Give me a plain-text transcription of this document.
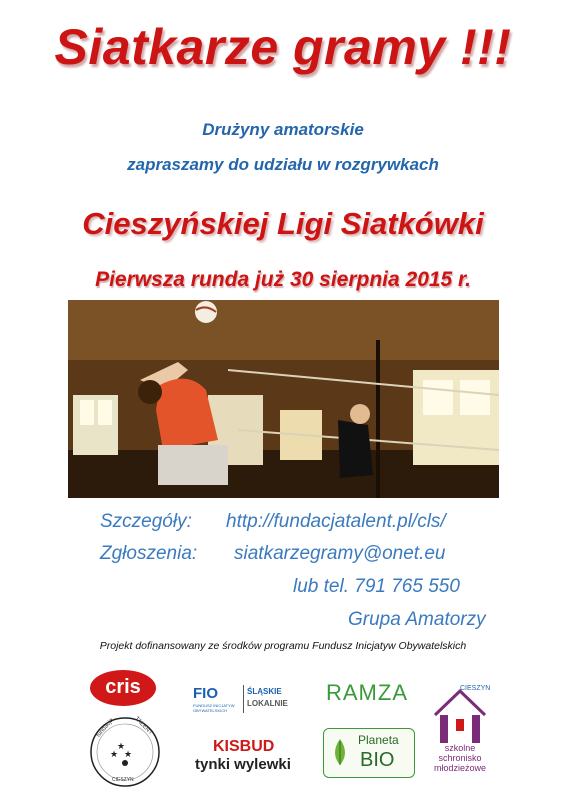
Siatkarze gramy !!!
Drużyny amatorskie
zapraszamy do udziału w rozgrywkach
Cieszyńskiej Ligi Siatkówki
Pierwsza runda już 30 sierpnia 2015 r.
Szczegóły: http://fundacjatalent.pl/cls/
Zgłoszenia: siatkarzegramy@onet.eu
lub tel. 791 765 550
Grupa Amatorzy
Projekt dofinansowany ze środków programu Fundusz Inicjatyw Obywatelskich
cris	FIO
FUNDUSZ INICJATYW OBYWATELSKICH
ŚLĄSKIE
LOKALNIE RAMZA	CIESZYN
szkolne
schronisko
młodzieżowe
★
★ ★
fundacja	TALENT
CIESZYN
KISBUD
tynki wylewki
Planeta
BIO
